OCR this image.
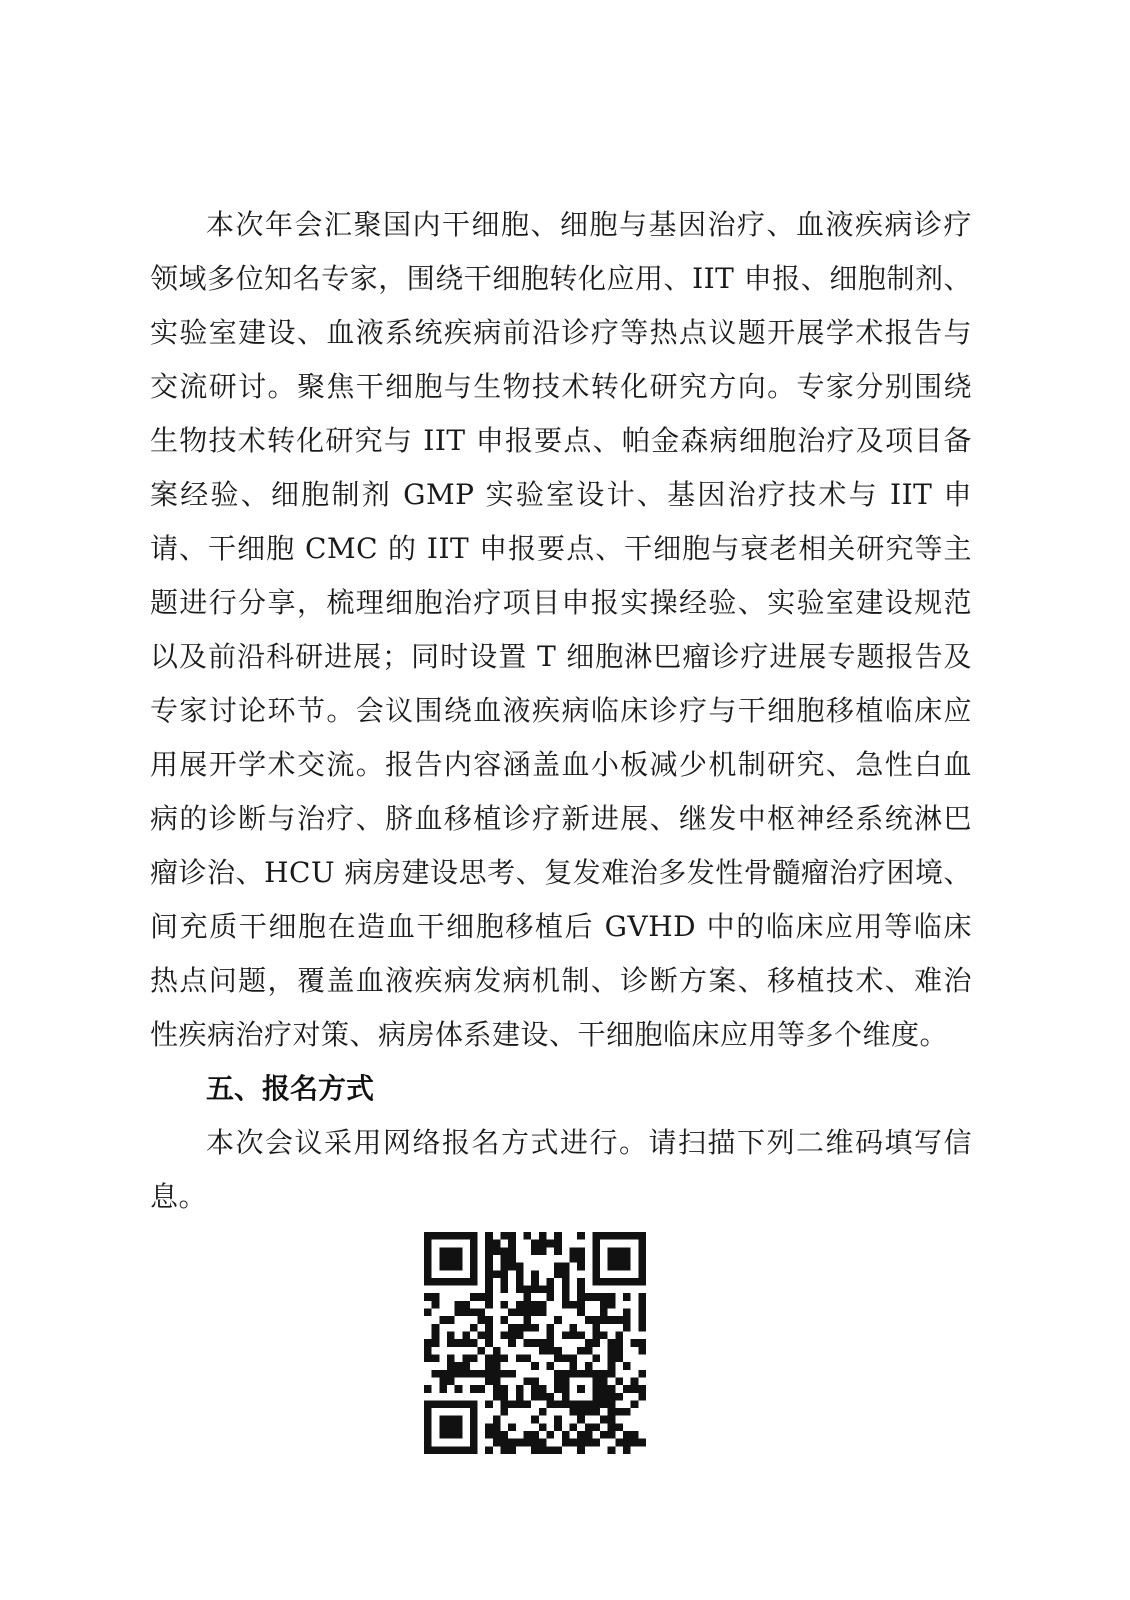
本次年会汇聚国内干细胞、细胞与基因治疗、血液疾病诊疗领域多位知名专家，围绕干细胞转化应用、IIT 申报、细胞制剂、实验室建设、血液系统疾病前沿诊疗等热点议题开展学术报告与交流研讨。聚焦干细胞与生物技术转化研究方向。专家分别围绕生物技术转化研究与 IIT 申报要点、帕金森病细胞治疗及项目备案经验、细胞制剂 GMP 实验室设计、基因治疗技术与 IIT 申请、干细胞 CMC 的 IIT 申报要点、干细胞与衰老相关研究等主题进行分享，梳理细胞治疗项目申报实操经验、实验室建设规范以及前沿科研进展；同时设置 T 细胞淋巴瘤诊疗进展专题报告及专家讨论环节。会议围绕血液疾病临床诊疗与干细胞移植临床应用展开学术交流。报告内容涵盖血小板减少机制研究、急性白血病的诊断与治疗、脐血移植诊疗新进展、继发中枢神经系统淋巴瘤诊治、HCU 病房建设思考、复发难治多发性骨髓瘤治疗困境、间充质干细胞在造血干细胞移植后 GVHD 中的临床应用等临床热点问题，覆盖血液疾病发病机制、诊断方案、移植技术、难治性疾病治疗对策、病房体系建设、干细胞临床应用等多个维度。

五、报名方式

本次会议采用网络报名方式进行。请扫描下列二维码填写信息。
